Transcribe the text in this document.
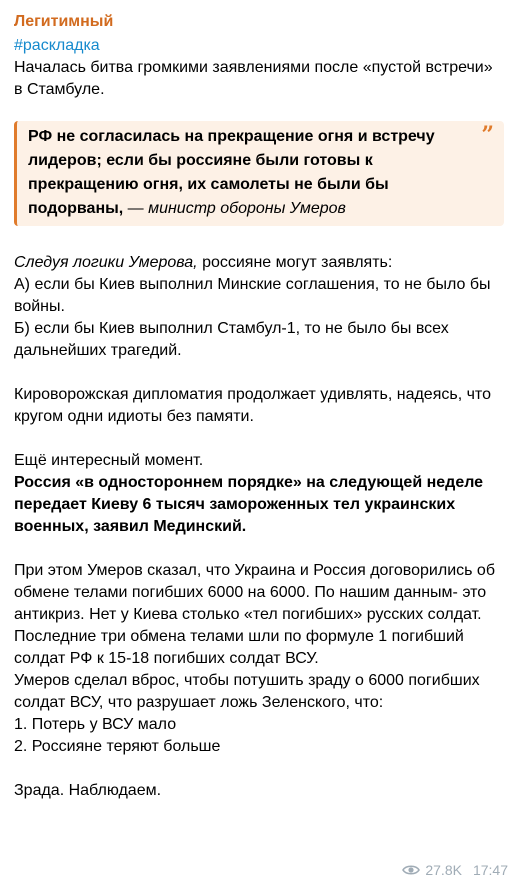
Легитимный
#раскладка

Началась битва громкими заявлениями после «пустой встречи» в Стамбуле.

”
РФ не согласилась на прекращение огня и встречу лидеров; если бы россияне были готовы к прекращению огня, их самолеты не были бы подорваны, — министр обороны Умеров

Следуя логики Умерова, россияне могут заявлять:

А) если бы Киев выполнил Минские соглашения, то не было бы войны.

Б) если бы Киев выполнил Стамбул-1, то не было бы всех дальнейших трагедий.

Кироворожская дипломатия продолжает удивлять, надеясь, что кругом одни идиоты без памяти.

Ещё интересный момент.

Россия «в одностороннем порядке» на следующей неделе передает Киеву 6 тысяч замороженных тел украинских военных, заявил Мединский.

При этом Умеров сказал, что Украина и Россия договорились об обмене телами погибших 6000 на 6000. По нашим данным- это антикриз. Нет у Киева столько «тел погибших» русских солдат. Последние три обмена телами шли по формуле 1 погибший солдат РФ к 15-18 погибших солдат ВСУ.

Умеров сделал вброс, чтобы потушить зраду о 6000 погибших солдат ВСУ, что разрушает ложь Зеленского, что:

1. Потерь у ВСУ мало

2. Россияне теряют больше

Зрада. Наблюдаем.

27.8K 17:47
